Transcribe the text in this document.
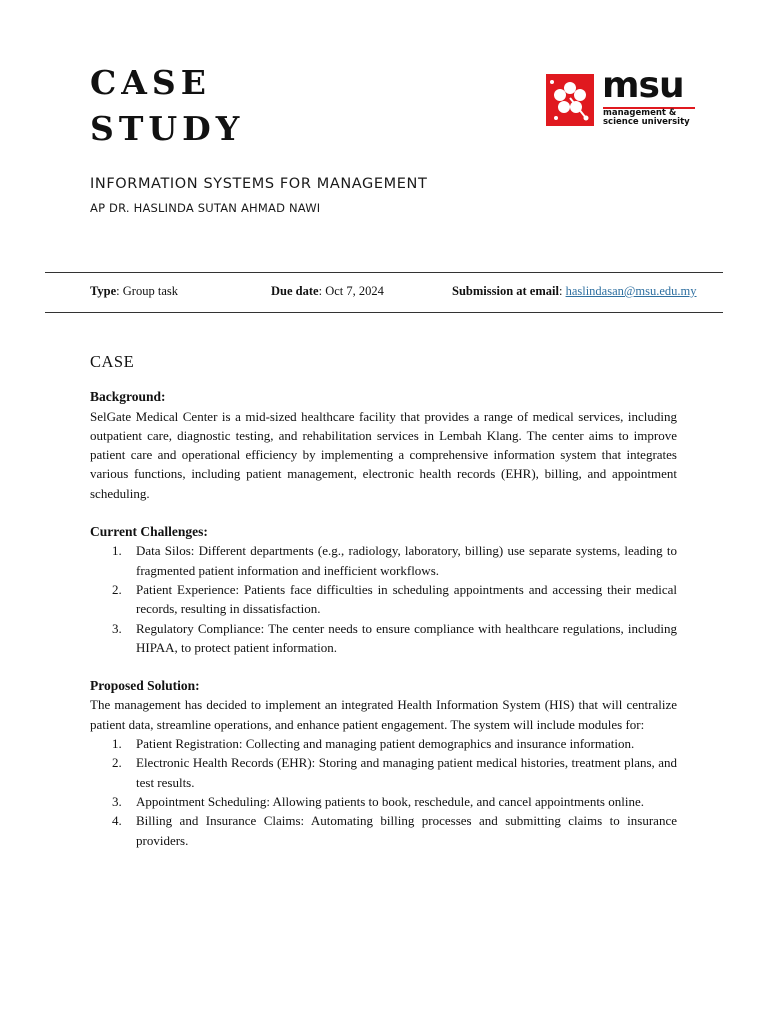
CASE
STUDY
INFORMATION SYSTEMS FOR MANAGEMENT
AP DR. HASLINDA SUTAN AHMAD NAWI
msu
management &
science university
Type: Group task	Due date: Oct 7, 2024	Submission at email: haslindasan@msu.edu.my
CASE

Background:

SelGate Medical Center is a mid-sized healthcare facility that provides a range of medical services, including outpatient care, diagnostic testing, and rehabilitation services in Lembah Klang. The center aims to improve patient care and operational efficiency by implementing a comprehensive information system that integrates various functions, including patient management, electronic health records (EHR), billing, and appointment scheduling.

Current Challenges:

1. Data Silos: Different departments (e.g., radiology, laboratory, billing) use separate systems, leading to fragmented patient information and inefficient workflows.
2. Patient Experience: Patients face difficulties in scheduling appointments and accessing their medical records, resulting in dissatisfaction.
3. Regulatory Compliance: The center needs to ensure compliance with healthcare regulations, including HIPAA, to protect patient information.

Proposed Solution:

The management has decided to implement an integrated Health Information System (HIS) that will centralize patient data, streamline operations, and enhance patient engagement. The system will include modules for:

1. Patient Registration: Collecting and managing patient demographics and insurance information.
2. Electronic Health Records (EHR): Storing and managing patient medical histories, treatment plans, and test results.
3. Appointment Scheduling: Allowing patients to book, reschedule, and cancel appointments online.
4. Billing and Insurance Claims: Automating billing processes and submitting claims to insurance providers.
